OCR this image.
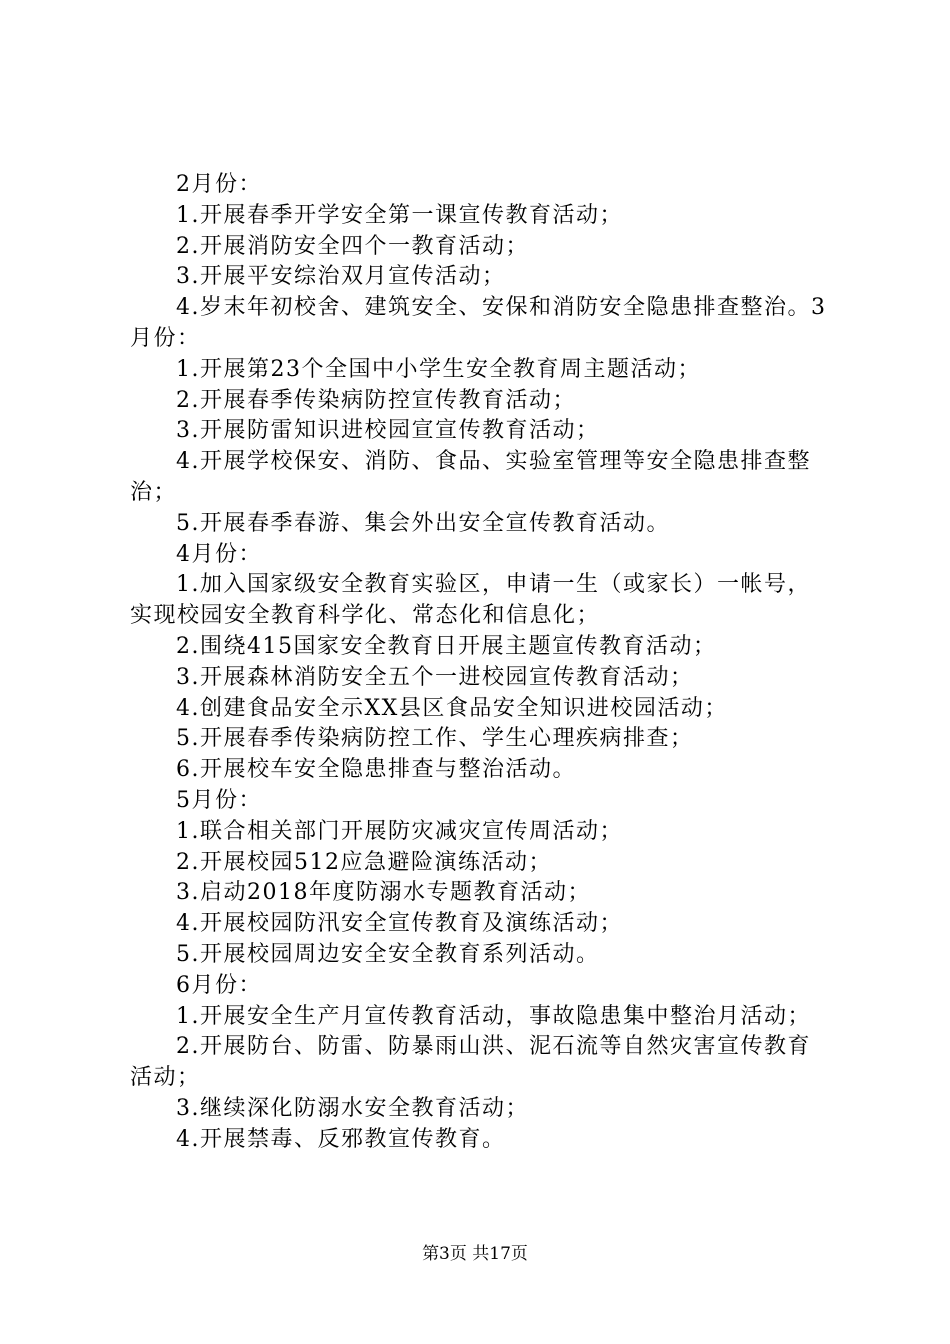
2月份：

1.开展春季开学安全第一课宣传教育活动；

2.开展消防安全四个一教育活动；

3.开展平安综治双月宣传活动；

4.岁末年初校舍、建筑安全、安保和消防安全隐患排查整治。3月份：

1.开展第23个全国中小学生安全教育周主题活动；

2.开展春季传染病防控宣传教育活动；

3.开展防雷知识进校园宣宣传教育活动；

4.开展学校保安、消防、食品、实验室管理等安全隐患排查整治；

5.开展春季春游、集会外出安全宣传教育活动。

4月份：

1.加入国家级安全教育实验区，申请一生（或家长）一帐号，实现校园安全教育科学化、常态化和信息化；

2.围绕415国家安全教育日开展主题宣传教育活动；

3.开展森林消防安全五个一进校园宣传教育活动；

4.创建食品安全示XX县区食品安全知识进校园活动；

5.开展春季传染病防控工作、学生心理疾病排查；

6.开展校车安全隐患排查与整治活动。

5月份：

1.联合相关部门开展防灾减灾宣传周活动；

2.开展校园512应急避险演练活动；

3.启动2018年度防溺水专题教育活动；

4.开展校园防汛安全宣传教育及演练活动；

5.开展校园周边安全安全教育系列活动。

6月份：

1.开展安全生产月宣传教育活动，事故隐患集中整治月活动；

2.开展防台、防雷、防暴雨山洪、泥石流等自然灾害宣传教育活动；

3.继续深化防溺水安全教育活动；

4.开展禁毒、反邪教宣传教育。

第3页 共17页
